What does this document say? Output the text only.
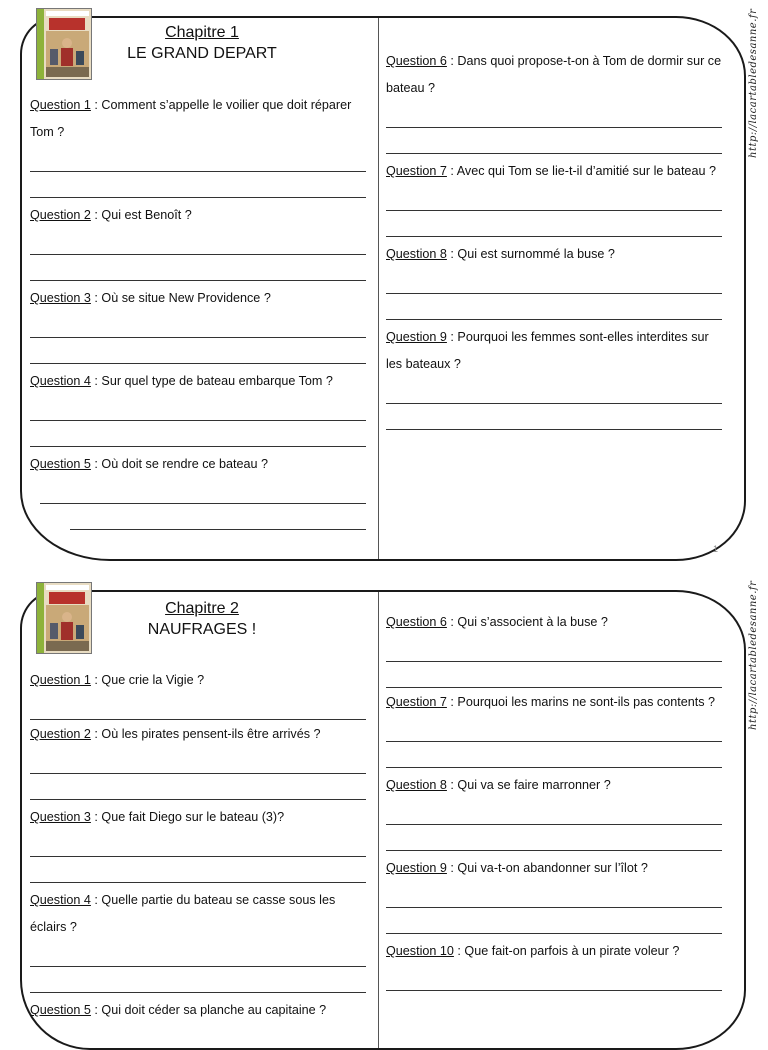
Chapitre 1
LE GRAND DEPART

Question 1 : Comment s’appelle le voilier que doit réparer Tom ?

Question 2 : Qui est Benoît ?

Question 3 : Où se situe New Providence ?

Question 4 : Sur quel type de bateau embarque Tom ?

Question 5 : Où doit se rendre ce bateau ?

Question 6 : Dans quoi propose-t-on à Tom de dormir sur ce bateau ?

Question 7 : Avec qui Tom se lie-t-il d’amitié sur le bateau ?

Question 8 : Qui est surnommé la buse ?

Question 9 : Pourquoi les femmes sont-elles interdites sur les bateaux ?

1
http://lacartabledesanne.fr
Chapitre 2
NAUFRAGES !

Question 1 : Que crie la Vigie ?

Question 2 : Où les pirates pensent-ils être arrivés ?

Question 3 : Que fait Diego sur le bateau (3)?

Question 4 : Quelle partie du bateau se casse sous les éclairs ?

Question 5 : Qui doit céder sa planche au capitaine ?

Question 6 : Qui s’associent à la buse ?

Question 7 : Pourquoi les marins ne sont-ils pas contents ?

Question 8 : Qui va se faire marronner ?

Question 9 : Qui va-t-on abandonner sur l’îlot ?

Question 10 : Que fait-on parfois à un pirate voleur ?

http://lacartabledesanne.fr
